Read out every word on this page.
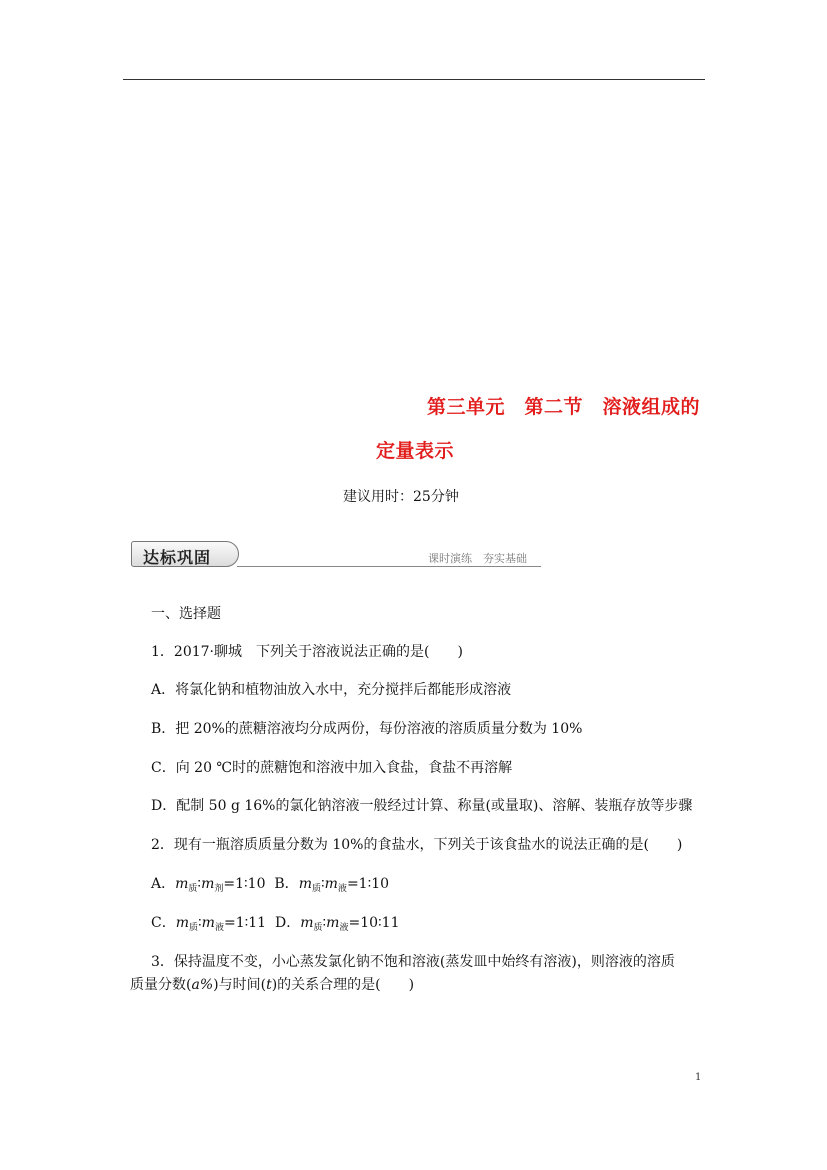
第三单元　第二节　溶液组成的
定量表示
建议用时：25分钟
达标巩固	课时演练　夯实基础
一、选择题
1．2017·聊城　下列关于溶液说法正确的是(　　)
A．将氯化钠和植物油放入水中，充分搅拌后都能形成溶液
B．把 20%的蔗糖溶液均分成两份，每份溶液的溶质质量分数为 10%
C．向 20 ℃时的蔗糖饱和溶液中加入食盐，食盐不再溶解
D．配制 50 g 16%的氯化钠溶液一般经过计算、称量(或量取)、溶解、装瓶存放等步骤
2．现有一瓶溶质质量分数为 10%的食盐水，下列关于该食盐水的说法正确的是(　　)
A．$m_质∶m_剂=1∶10$ B．$m_质∶m_液=1∶10$
C．$m_质∶m_液=1∶11$ D．$m_质∶m_液=10∶11$
3．保持温度不变，小心蒸发氯化钠不饱和溶液(蒸发皿中始终有溶液)，则溶液的溶质
质量分数(a%)与时间(t)的关系合理的是(　　)
1
